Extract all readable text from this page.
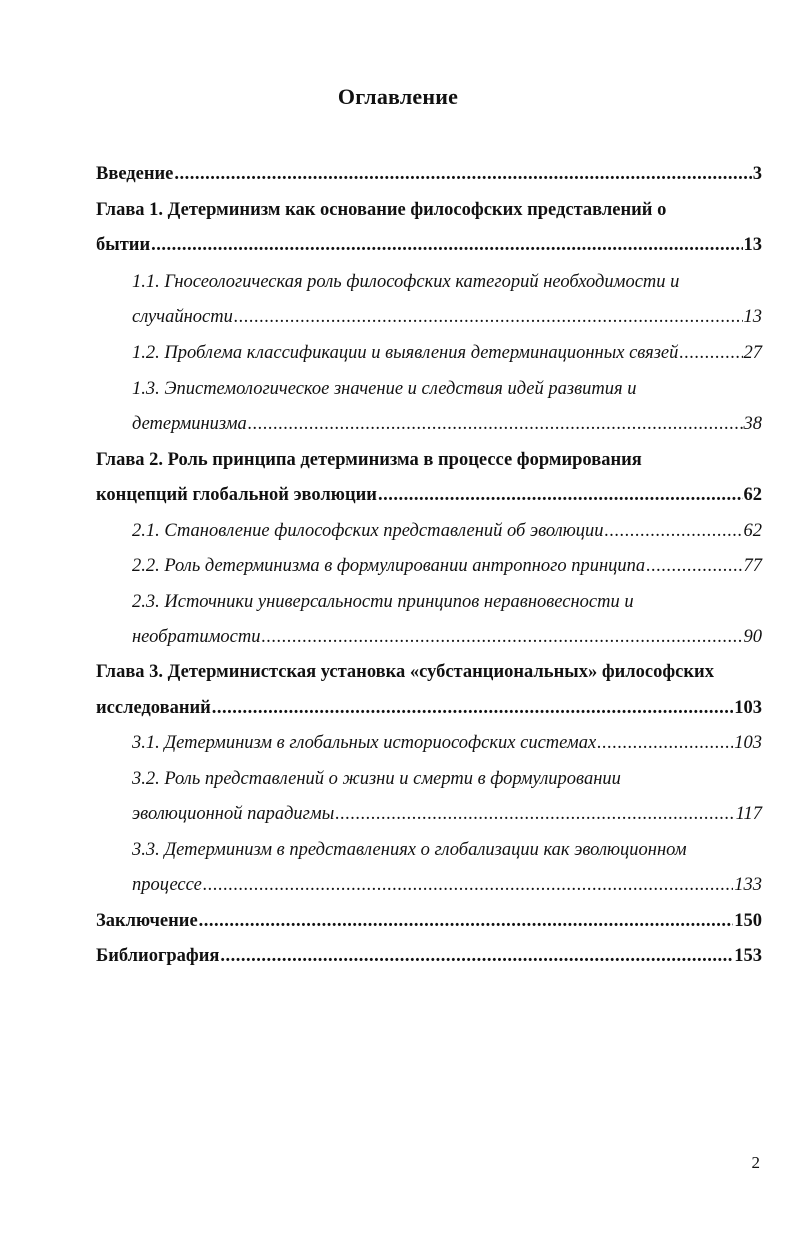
Оглавление
Введение .....	3
Глава 1. Детерминизм как основание философских представлений о
бытии .....	13
1.1. Гносеологическая роль философских категорий необходимости и
случайности .....	13
1.2. Проблема классификации и выявления детерминационных связей .....	27
1.3. Эпистемологическое значение и следствия идей развития и
детерминизма .....	38
Глава 2. Роль принципа детерминизма в процессе формирования
концепций глобальной эволюции .....	62
2.1. Становление философских представлений об эволюции .....	62
2.2. Роль детерминизма в формулировании антропного принципа .....	77
2.3. Источники универсальности принципов неравновесности и
необратимости .....	90
Глава 3. Детерминистская установка «субстанциональных» философских
исследований .....	103
3.1. Детерминизм в глобальных историософских системах .....	103
3.2. Роль представлений о жизни и смерти в формулировании
эволюционной парадигмы .....	117
3.3. Детерминизм в представлениях о глобализации как эволюционном
процессе .....	133
Заключение .....	150
Библиография .....	153
2
